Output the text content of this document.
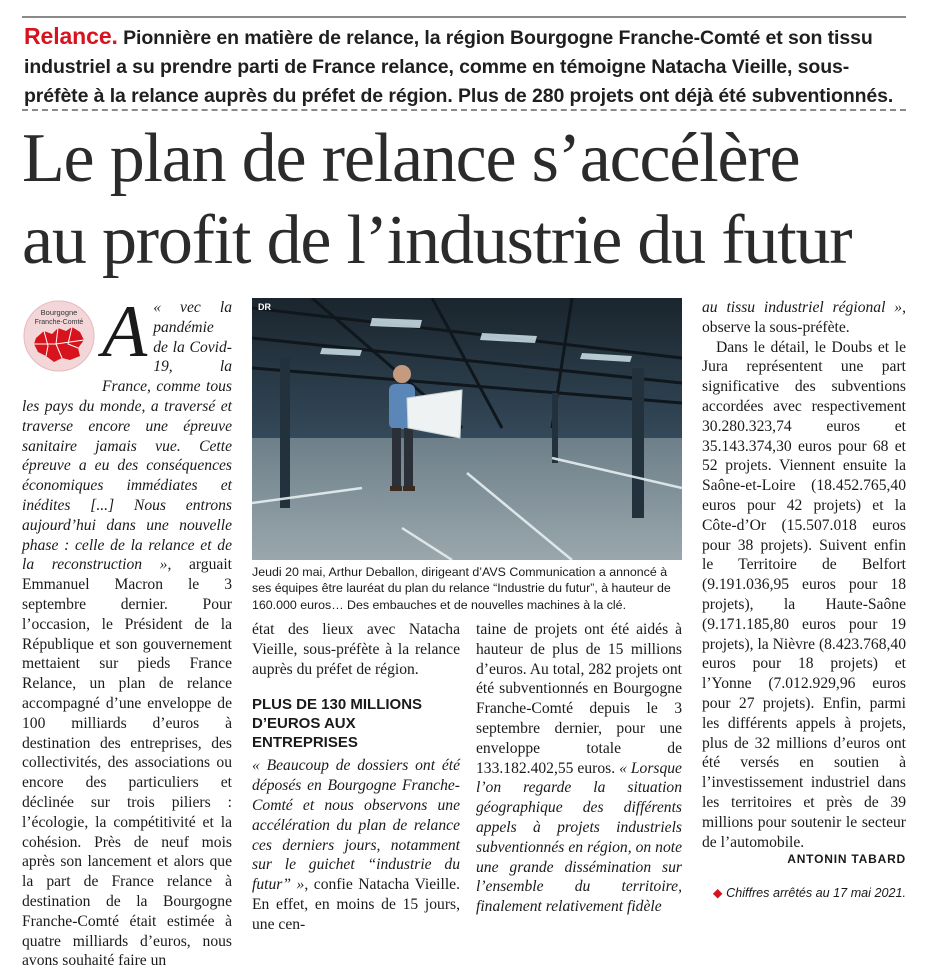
Relance. Pionnière en matière de relance, la région Bourgogne Franche-Comté et son tissu industriel a su prendre parti de France relance, comme en témoigne Natacha Vieille, sous-préfète à la relance auprès du préfet de région. Plus de 280 projets ont déjà été subventionnés.
Le plan de relance s’accélère
au profit de l’industrie du futur
Bourgogne
Franche-Comté A « vec la pandémie de la Covid-19, la France, comme tous les pays du monde, a traversé et traverse encore une épreuve sanitaire jamais vue. Cette épreuve a eu des conséquences économiques immédiates et inédites [...] Nous entrons aujourd’hui dans une nouvelle phase : celle de la relance et de la reconstruction », arguait Emmanuel Macron le 3 septembre dernier. Pour l’occasion, le Président de la République et son gouvernement mettaient sur pieds France Relance, un plan de relance accompagné d’une enveloppe de 100 milliards d’euros à destination des entreprises, des collectivités, des associations ou encore des particuliers et déclinée sur trois piliers : l’écologie, la compétitivité et la cohésion. Près de neuf mois après son lancement et alors que la part de France relance à destination de la Bourgogne Franche-Comté était estimée à quatre milliards d’euros, nous avons souhaité faire un
DR
Jeudi 20 mai, Arthur Deballon, dirigeant d’AVS Communication a annoncé à ses équipes être lauréat du plan du relance “Industrie du futur”, à hauteur de 160.000 euros… Des embauches et de nouvelles machines à la clé.
état des lieux avec Natacha Vieille, sous-préfète à la relance auprès du préfet de région.
PLUS DE 130 MILLIONS
D’EUROS AUX ENTREPRISES
« Beaucoup de dossiers ont été déposés en Bourgogne Franche-Comté et nous observons une accélération du plan de relance ces derniers jours, notamment sur le guichet “industrie du futur” », confie Natacha Vieille. En effet, en moins de 15 jours, une cen-
taine de projets ont été aidés à hauteur de plus de 15 millions d’euros. Au total, 282 projets ont été subventionnés en Bourgogne Franche-Comté depuis le 3 septembre dernier, pour une enveloppe totale de 133.182.402,55 euros. « Lorsque l’on regarde la situation géographique des différents appels à projets industriels subventionnés en région, on note une grande dissémination sur l’ensemble du territoire, finalement relativement fidèle
au tissu industriel régional », observe la sous-préfète.

Dans le détail, le Doubs et le Jura représentent une part significative des subventions accordées avec respectivement 30.280.323,74 euros et 35.143.374,30 euros pour 68 et 52 projets. Viennent ensuite la Saône-et-Loire (18.452.765,40 euros pour 42 projets) et la Côte-d’Or (15.507.018 euros pour 38 projets). Suivent enfin le Territoire de Belfort (9.191.036,95 euros pour 18 projets), la Haute-Saône (9.171.185,80 euros pour 19 projets), la Nièvre (8.423.768,40 euros pour 18 projets) et l’Yonne (7.012.929,96 euros pour 27 projets). Enfin, parmi les différents appels à projets, plus de 32 millions d’euros ont été versés en soutien à l’investissement industriel dans les territoires et près de 39 millions pour soutenir le secteur de l’automobile.

ANTONIN TABARD
◆ Chiffres arrêtés au 17 mai 2021.
